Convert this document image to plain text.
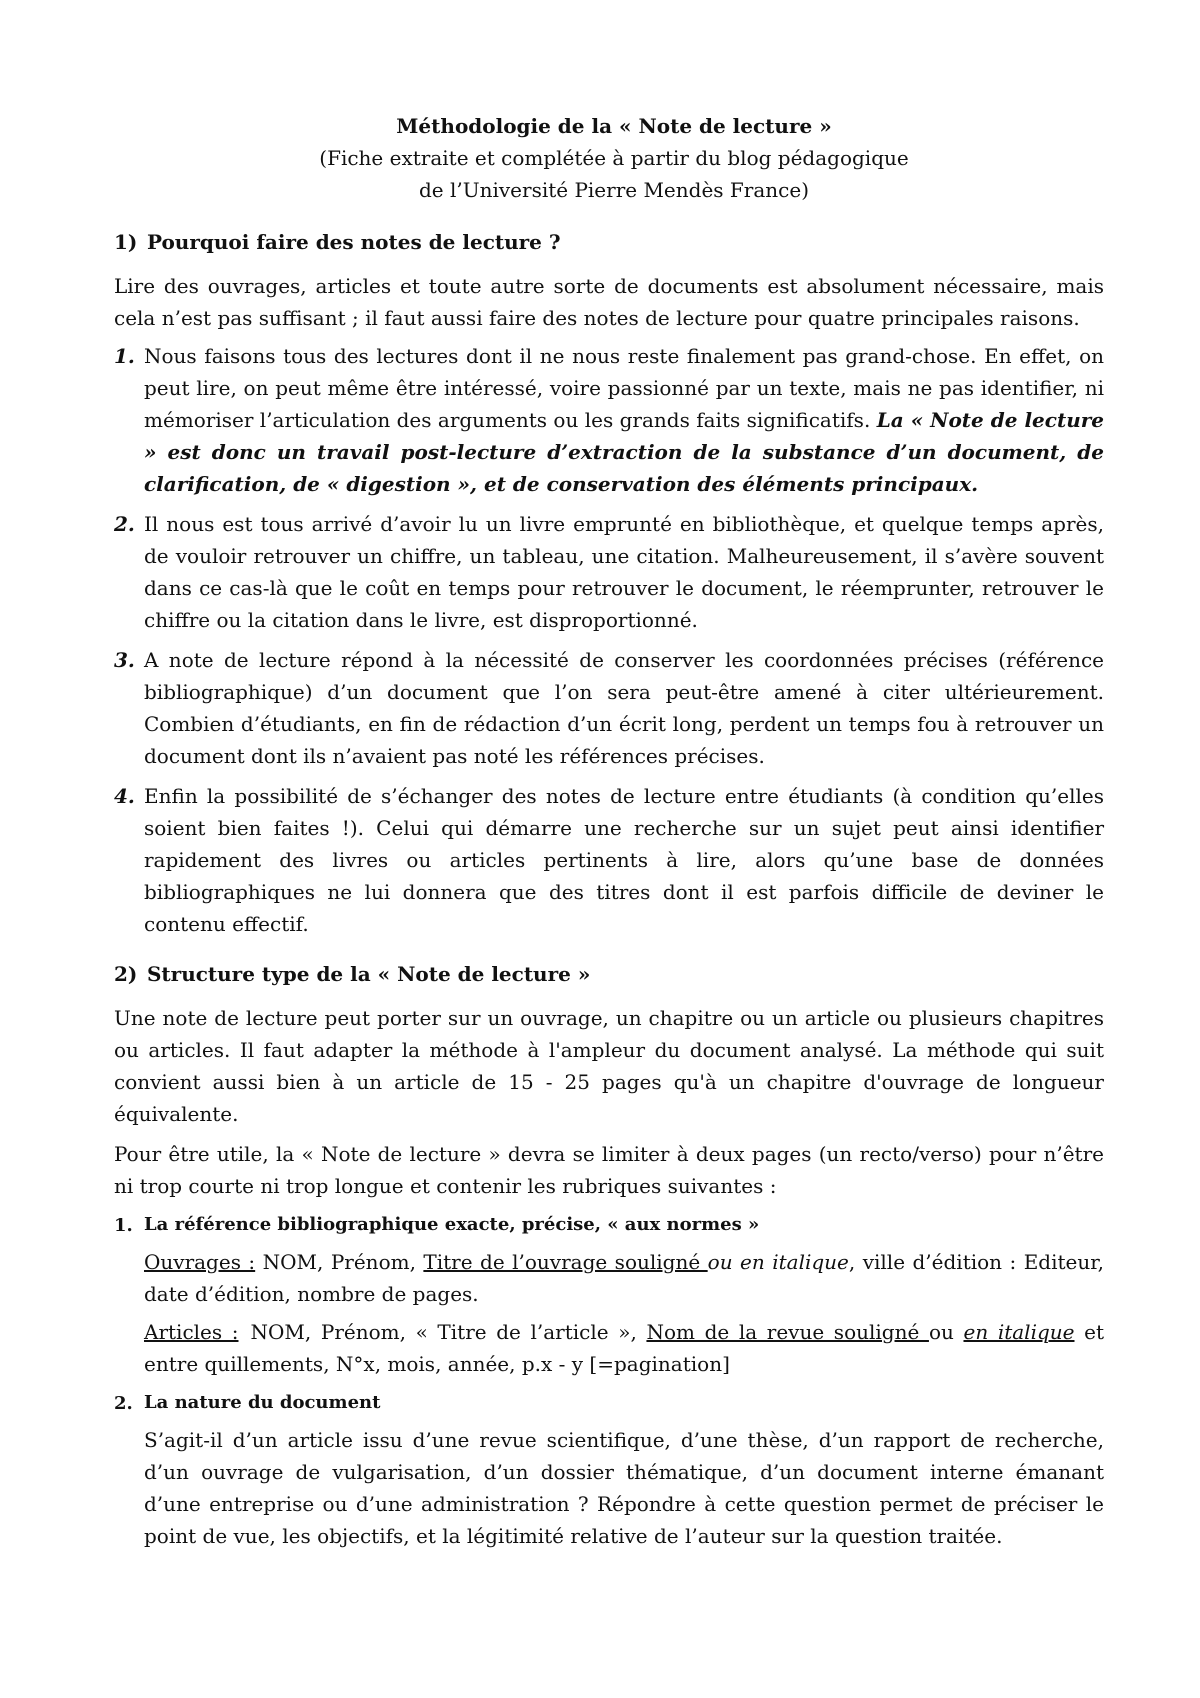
Méthodologie de la « Note de lecture »
(Fiche extraite et complétée à partir du blog pédagogique
de l’Université Pierre Mendès France)
1) Pourquoi faire des notes de lecture ?

Lire des ouvrages, articles et toute autre sorte de documents est absolument nécessaire, mais cela n’est pas suffisant ; il faut aussi faire des notes de lecture pour quatre principales raisons.

1. Nous faisons tous des lectures dont il ne nous reste finalement pas grand-chose. En effet, on peut lire, on peut même être intéressé, voire passionné par un texte, mais ne pas identifier, ni mémoriser l’articulation des arguments ou les grands faits significatifs. La « Note de lecture » est donc un travail post-lecture d’extraction de la substance d’un document, de clarification, de « digestion », et de conservation des éléments principaux.
2. Il nous est tous arrivé d’avoir lu un livre emprunté en bibliothèque, et quelque temps après, de vouloir retrouver un chiffre, un tableau, une citation. Malheureusement, il s’avère souvent dans ce cas-là que le coût en temps pour retrouver le document, le réemprunter, retrouver le chiffre ou la citation dans le livre, est disproportionné.
3. A note de lecture répond à la nécessité de conserver les coordonnées précises (référence bibliographique) d’un document que l’on sera peut-être amené à citer ultérieurement. Combien d’étudiants, en fin de rédaction d’un écrit long, perdent un temps fou à retrouver un document dont ils n’avaient pas noté les références précises.
4. Enfin la possibilité de s’échanger des notes de lecture entre étudiants (à condition qu’elles soient bien faites !). Celui qui démarre une recherche sur un sujet peut ainsi identifier rapidement des livres ou articles pertinents à lire, alors qu’une base de données bibliographiques ne lui donnera que des titres dont il est parfois difficile de deviner le contenu effectif.
2) Structure type de la « Note de lecture »

Une note de lecture peut porter sur un ouvrage, un chapitre ou un article ou plusieurs chapitres ou articles. Il faut adapter la méthode à l'ampleur du document analysé. La méthode qui suit convient aussi bien à un article de 15 - 25 pages qu'à un chapitre d'ouvrage de longueur équivalente.

Pour être utile, la « Note de lecture » devra se limiter à deux pages (un recto/verso) pour n’être ni trop courte ni trop longue et contenir les rubriques suivantes :

1. La référence bibliographique exacte, précise, « aux normes »

Ouvrages : NOM, Prénom, Titre de l’ouvrage souligné ou en italique, ville d’édition : Editeur, date d’édition, nombre de pages.

Articles : NOM, Prénom, « Titre de l’article », Nom de la revue souligné ou en italique et entre quillements, N°x, mois, année, p.x - y [=pagination]

2. La nature du document

S’agit-il d’un article issu d’une revue scientifique, d’une thèse, d’un rapport de recherche, d’un ouvrage de vulgarisation, d’un dossier thématique, d’un document interne émanant d’une entreprise ou d’une administration ? Répondre à cette question permet de préciser le point de vue, les objectifs, et la légitimité relative de l’auteur sur la question traitée.
